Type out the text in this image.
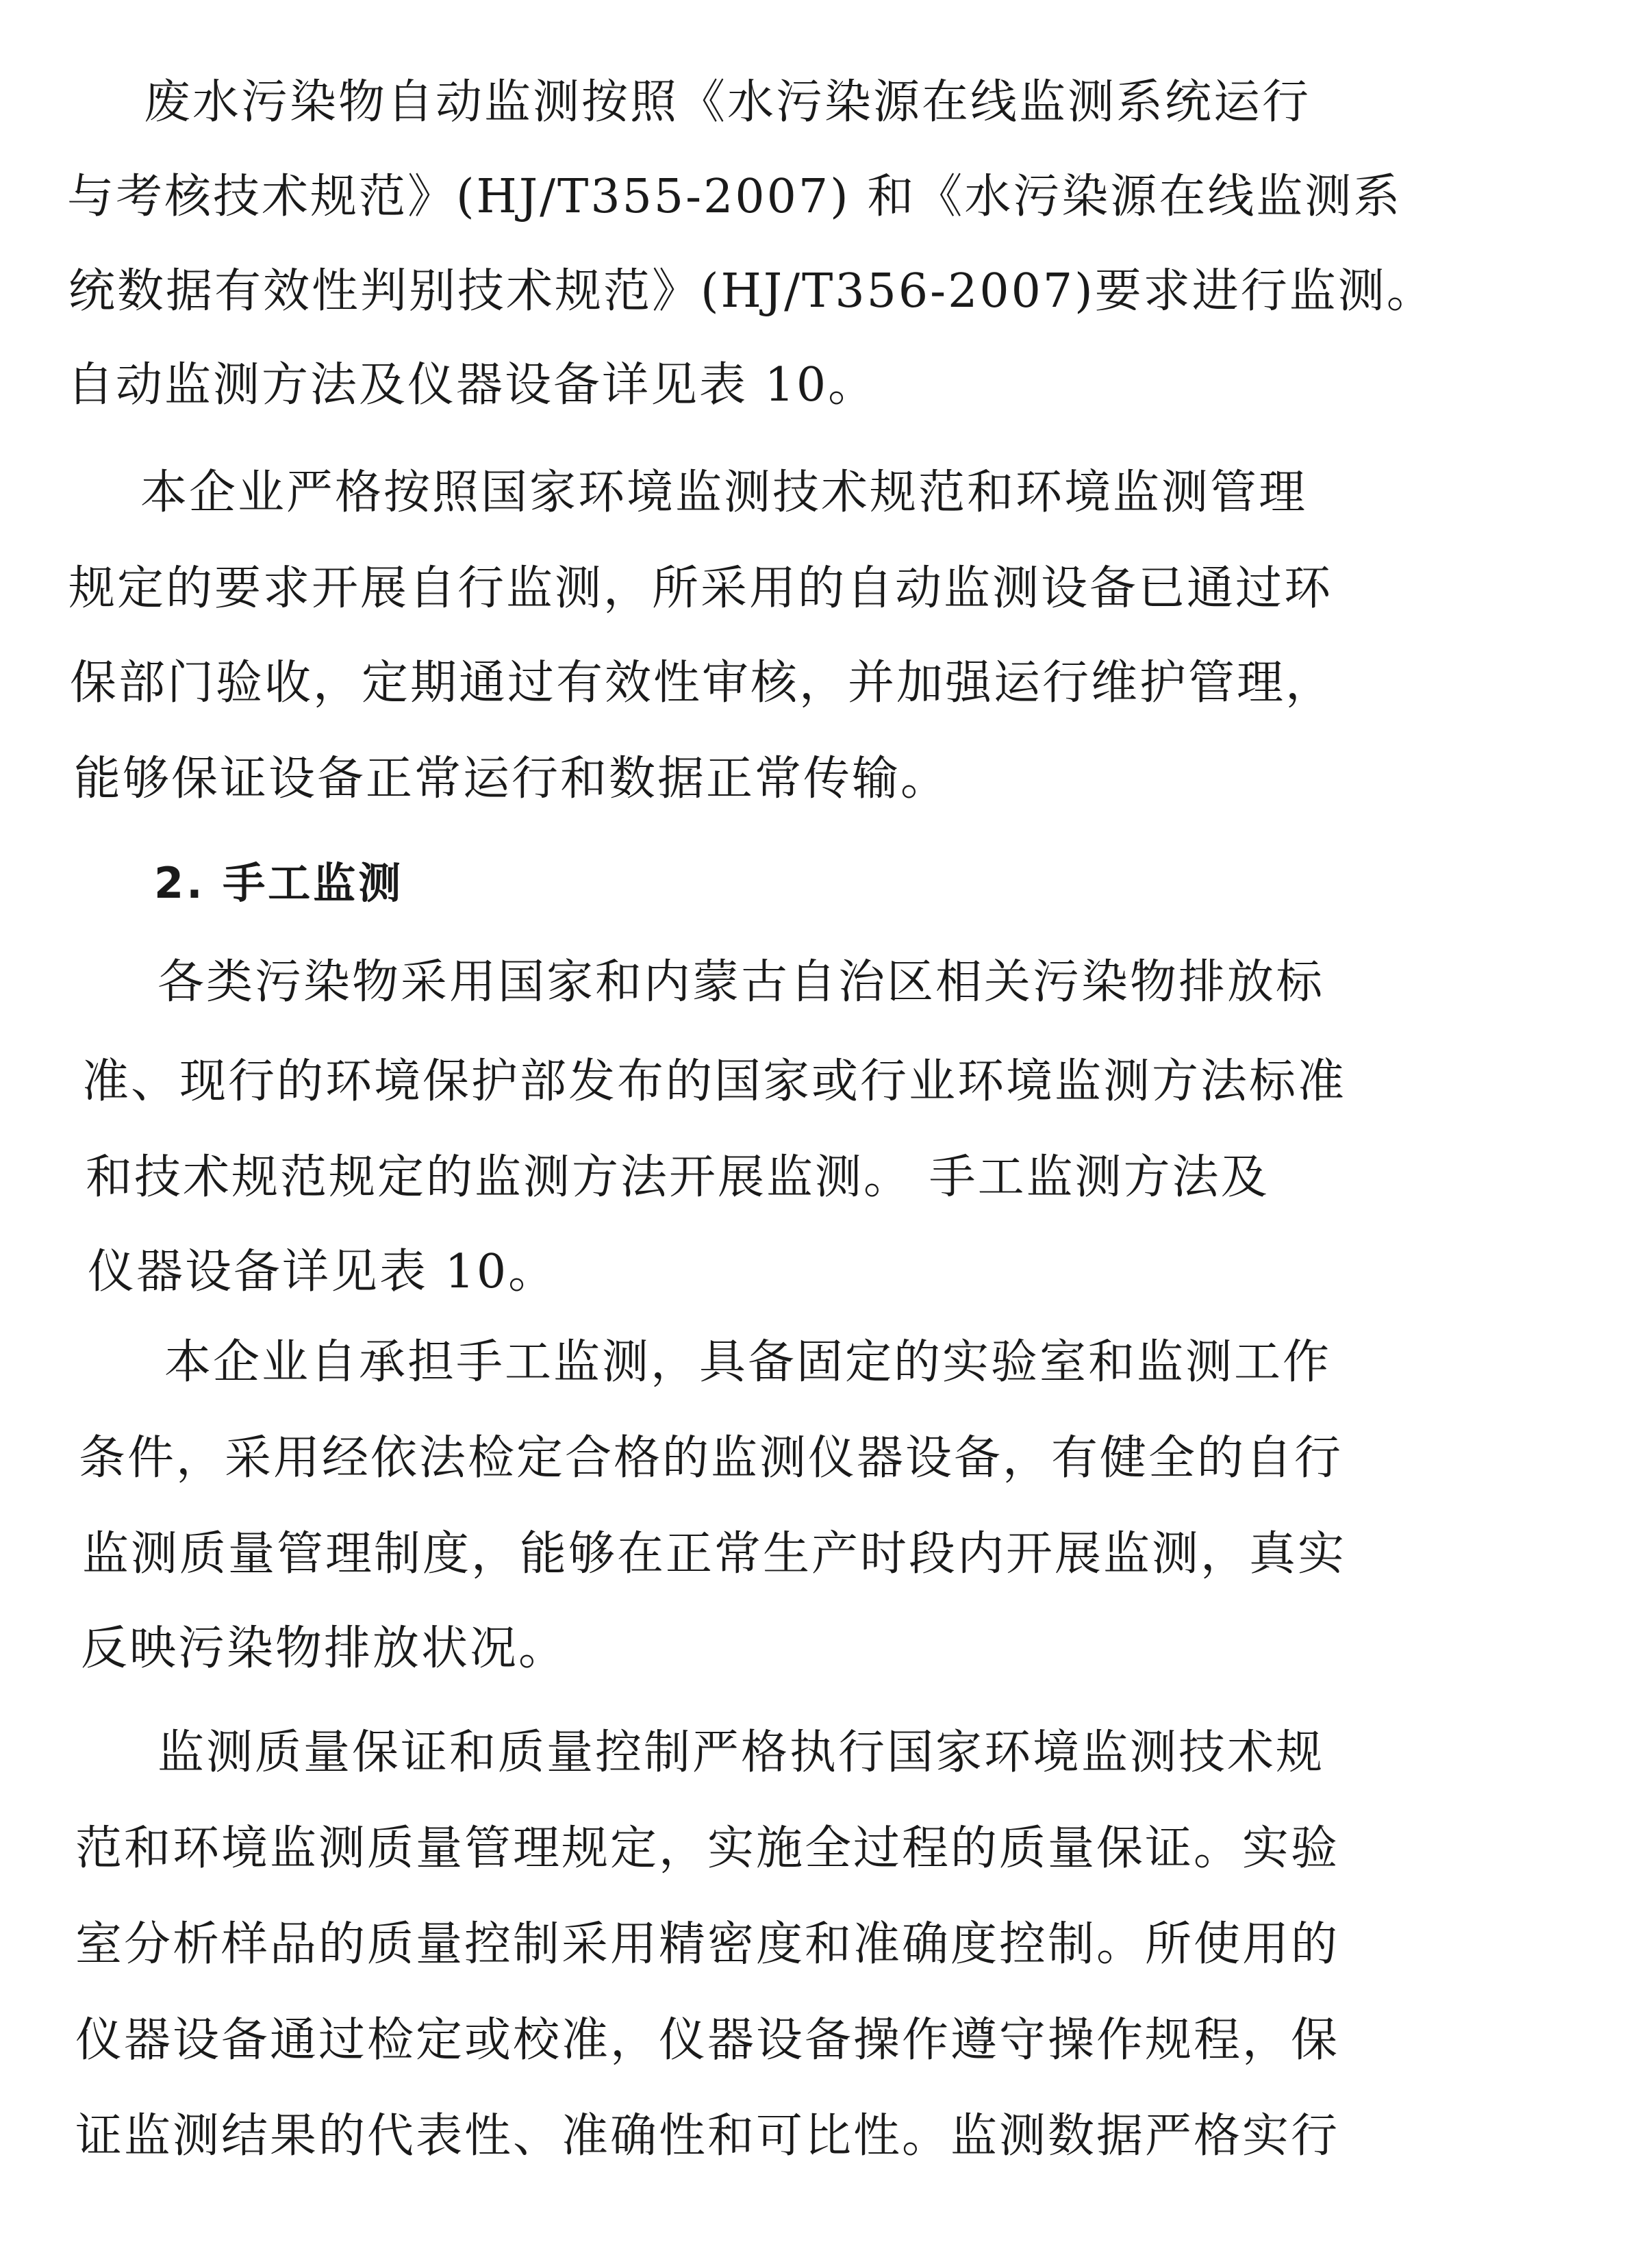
废水污染物自动监测按照《水污染源在线监测系统运行
与考核技术规范》(HJ/T355-2007) 和《水污染源在线监测系
统数据有效性判别技术规范》(HJ/T356-2007)要求进行监测。
自动监测方法及仪器设备详见表 10。
本企业严格按照国家环境监测技术规范和环境监测管理
规定的要求开展自行监测，所采用的自动监测设备已通过环
保部门验收，定期通过有效性审核，并加强运行维护管理，
能够保证设备正常运行和数据正常传输。
2. 手工监测
各类污染物采用国家和内蒙古自治区相关污染物排放标
准、现行的环境保护部发布的国家或行业环境监测方法标准
和技术规范规定的监测方法开展监测。 手工监测方法及
仪器设备详见表 10。
本企业自承担手工监测，具备固定的实验室和监测工作
条件，采用经依法检定合格的监测仪器设备，有健全的自行
监测质量管理制度，能够在正常生产时段内开展监测，真实
反映污染物排放状况。
监测质量保证和质量控制严格执行国家环境监测技术规
范和环境监测质量管理规定，实施全过程的质量保证。实验
室分析样品的质量控制采用精密度和准确度控制。所使用的
仪器设备通过检定或校准，仪器设备操作遵守操作规程，保
证监测结果的代表性、准确性和可比性。监测数据严格实行
